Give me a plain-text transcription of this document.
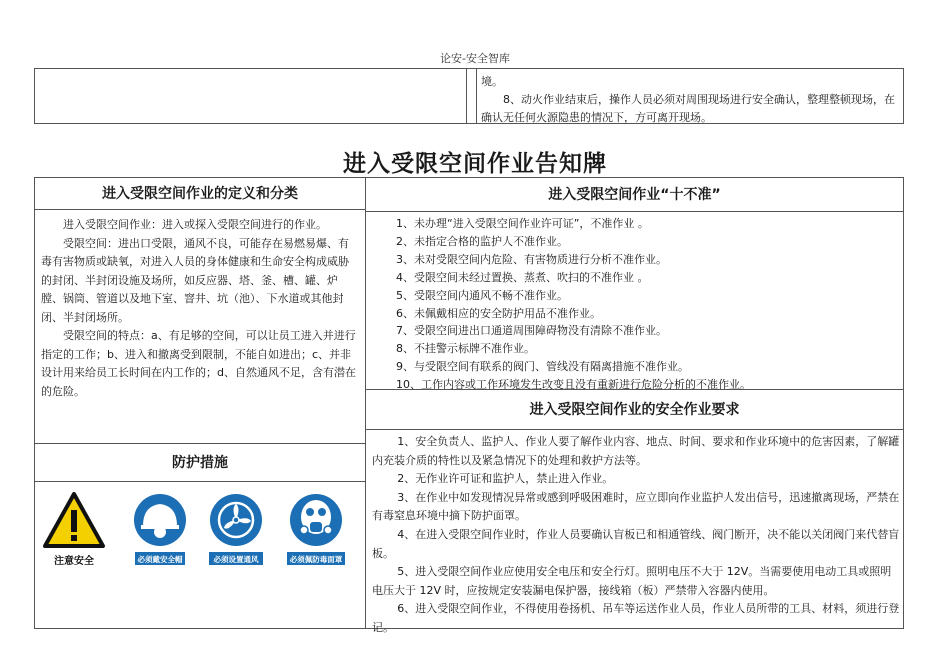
论安-安全智库

境。

8、动火作业结束后，操作人员必须对周围现场进行安全确认，整理整顿现场，在确认无任何火源隐患的情况下，方可离开现场。

进入受限空间作业告知牌
进入受限空间作业的定义和分类

进入受限空间作业：进入或探入受限空间进行的作业。

受限空间：进出口受限，通风不良，可能存在易燃易爆、有毒有害物质或缺氧，对进入人员的身体健康和生命安全构成威胁的封闭、半封闭设施及场所，如反应器、塔、釜、槽、罐、炉膛、锅筒、管道以及地下室、窨井、坑（池）、下水道或其他封闭、半封闭场所。

受限空间的特点：a、有足够的空间，可以让员工进入并进行指定的工作；b、进入和撤离受到限制，不能自如进出；c、并非设计用来给员工长时间在内工作的；d、自然通风不足，含有潜在的危险。

防护措施
注意安全	必须戴安全帽	必须设置通风	必须佩防毒面罩
进入受限空间作业“十不准”

1、未办理“进入受限空间作业许可证”，不准作业 。

2、未指定合格的监护人不准作业。

3、未对受限空间内危险、有害物质进行分析不准作业。

4、受限空间未经过置换、蒸煮、吹扫的不准作业 。

5、受限空间内通风不畅不准作业。

6、未佩戴相应的安全防护用品不准作业。

7、受限空间进出口通道周围障碍物没有清除不准作业。

8、不挂警示标牌不准作业。

9、与受限空间有联系的阀门、管线没有隔离措施不准作业。

10、工作内容或工作环境发生改变且没有重新进行危险分析的不准作业。

进入受限空间作业的安全作业要求

1、安全负责人、监护人、作业人要了解作业内容、地点、时间、要求和作业环境中的危害因素，了解罐内充装介质的特性以及紧急情况下的处理和救护方法等。

2、无作业许可证和监护人，禁止进入作业。

3、在作业中如发现情况异常或感到呼吸困难时，应立即向作业监护人发出信号，迅速撤离现场，严禁在有毒窒息环境中摘下防护面罩。

4、在进入受限空间作业时，作业人员要确认盲板已和相通管线、阀门断开，决不能以关闭阀门来代替盲板。

5、进入受限空间作业应使用安全电压和安全行灯。照明电压不大于 12V。当需要使用电动工具或照明电压大于 12V 时，应按规定安装漏电保护器，接线箱（板）严禁带入容器内使用。

6、进入受限空间作业，不得使用卷扬机、吊车等运送作业人员，作业人员所带的工具、材料，须进行登记。
